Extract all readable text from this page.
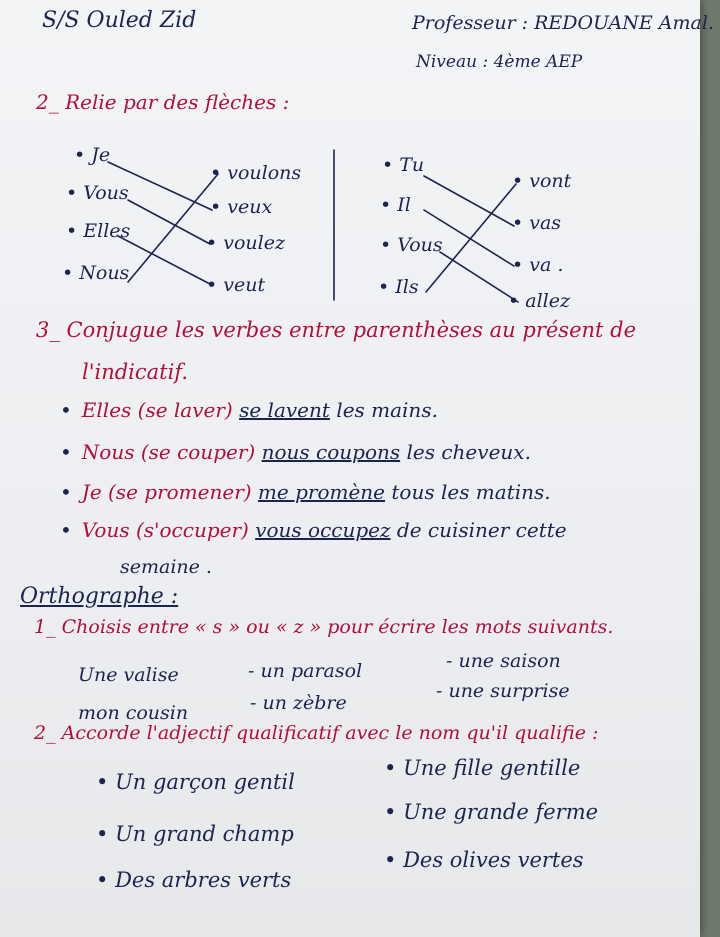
S/S Ouled Zid	Professeur : REDOUANE Amal.
Niveau : 4ème AEP
2_ Relie par des flèches :
• Je
• Vous
• Elles
• Nous
• voulons
• veux
• voulez
• veut
• Tu
• Il
• Vous
• Ils
• vont
• vas
• va .
• allez
3_ Conjugue les verbes entre parenthèses au présent de
l'indicatif.
• Elles (se laver) se lavent les mains.
• Nous (se couper) nous coupons les cheveux.
• Je (se promener) me promène tous les matins.
• Vous (s'occuper) vous occupez de cuisiner cette
semaine .
Orthographe :
1_ Choisis entre « s » ou « z » pour écrire les mots suivants.
Une valise	- un parasol	- une saison
mon cousin	- un zèbre
- une surprise
2_ Accorde l'adjectif qualificatif avec le nom qu'il qualifie :
• Un garçon gentil
• Une fille gentille
• Un grand champ
• Une grande ferme
• Des arbres verts
• Des olives vertes
